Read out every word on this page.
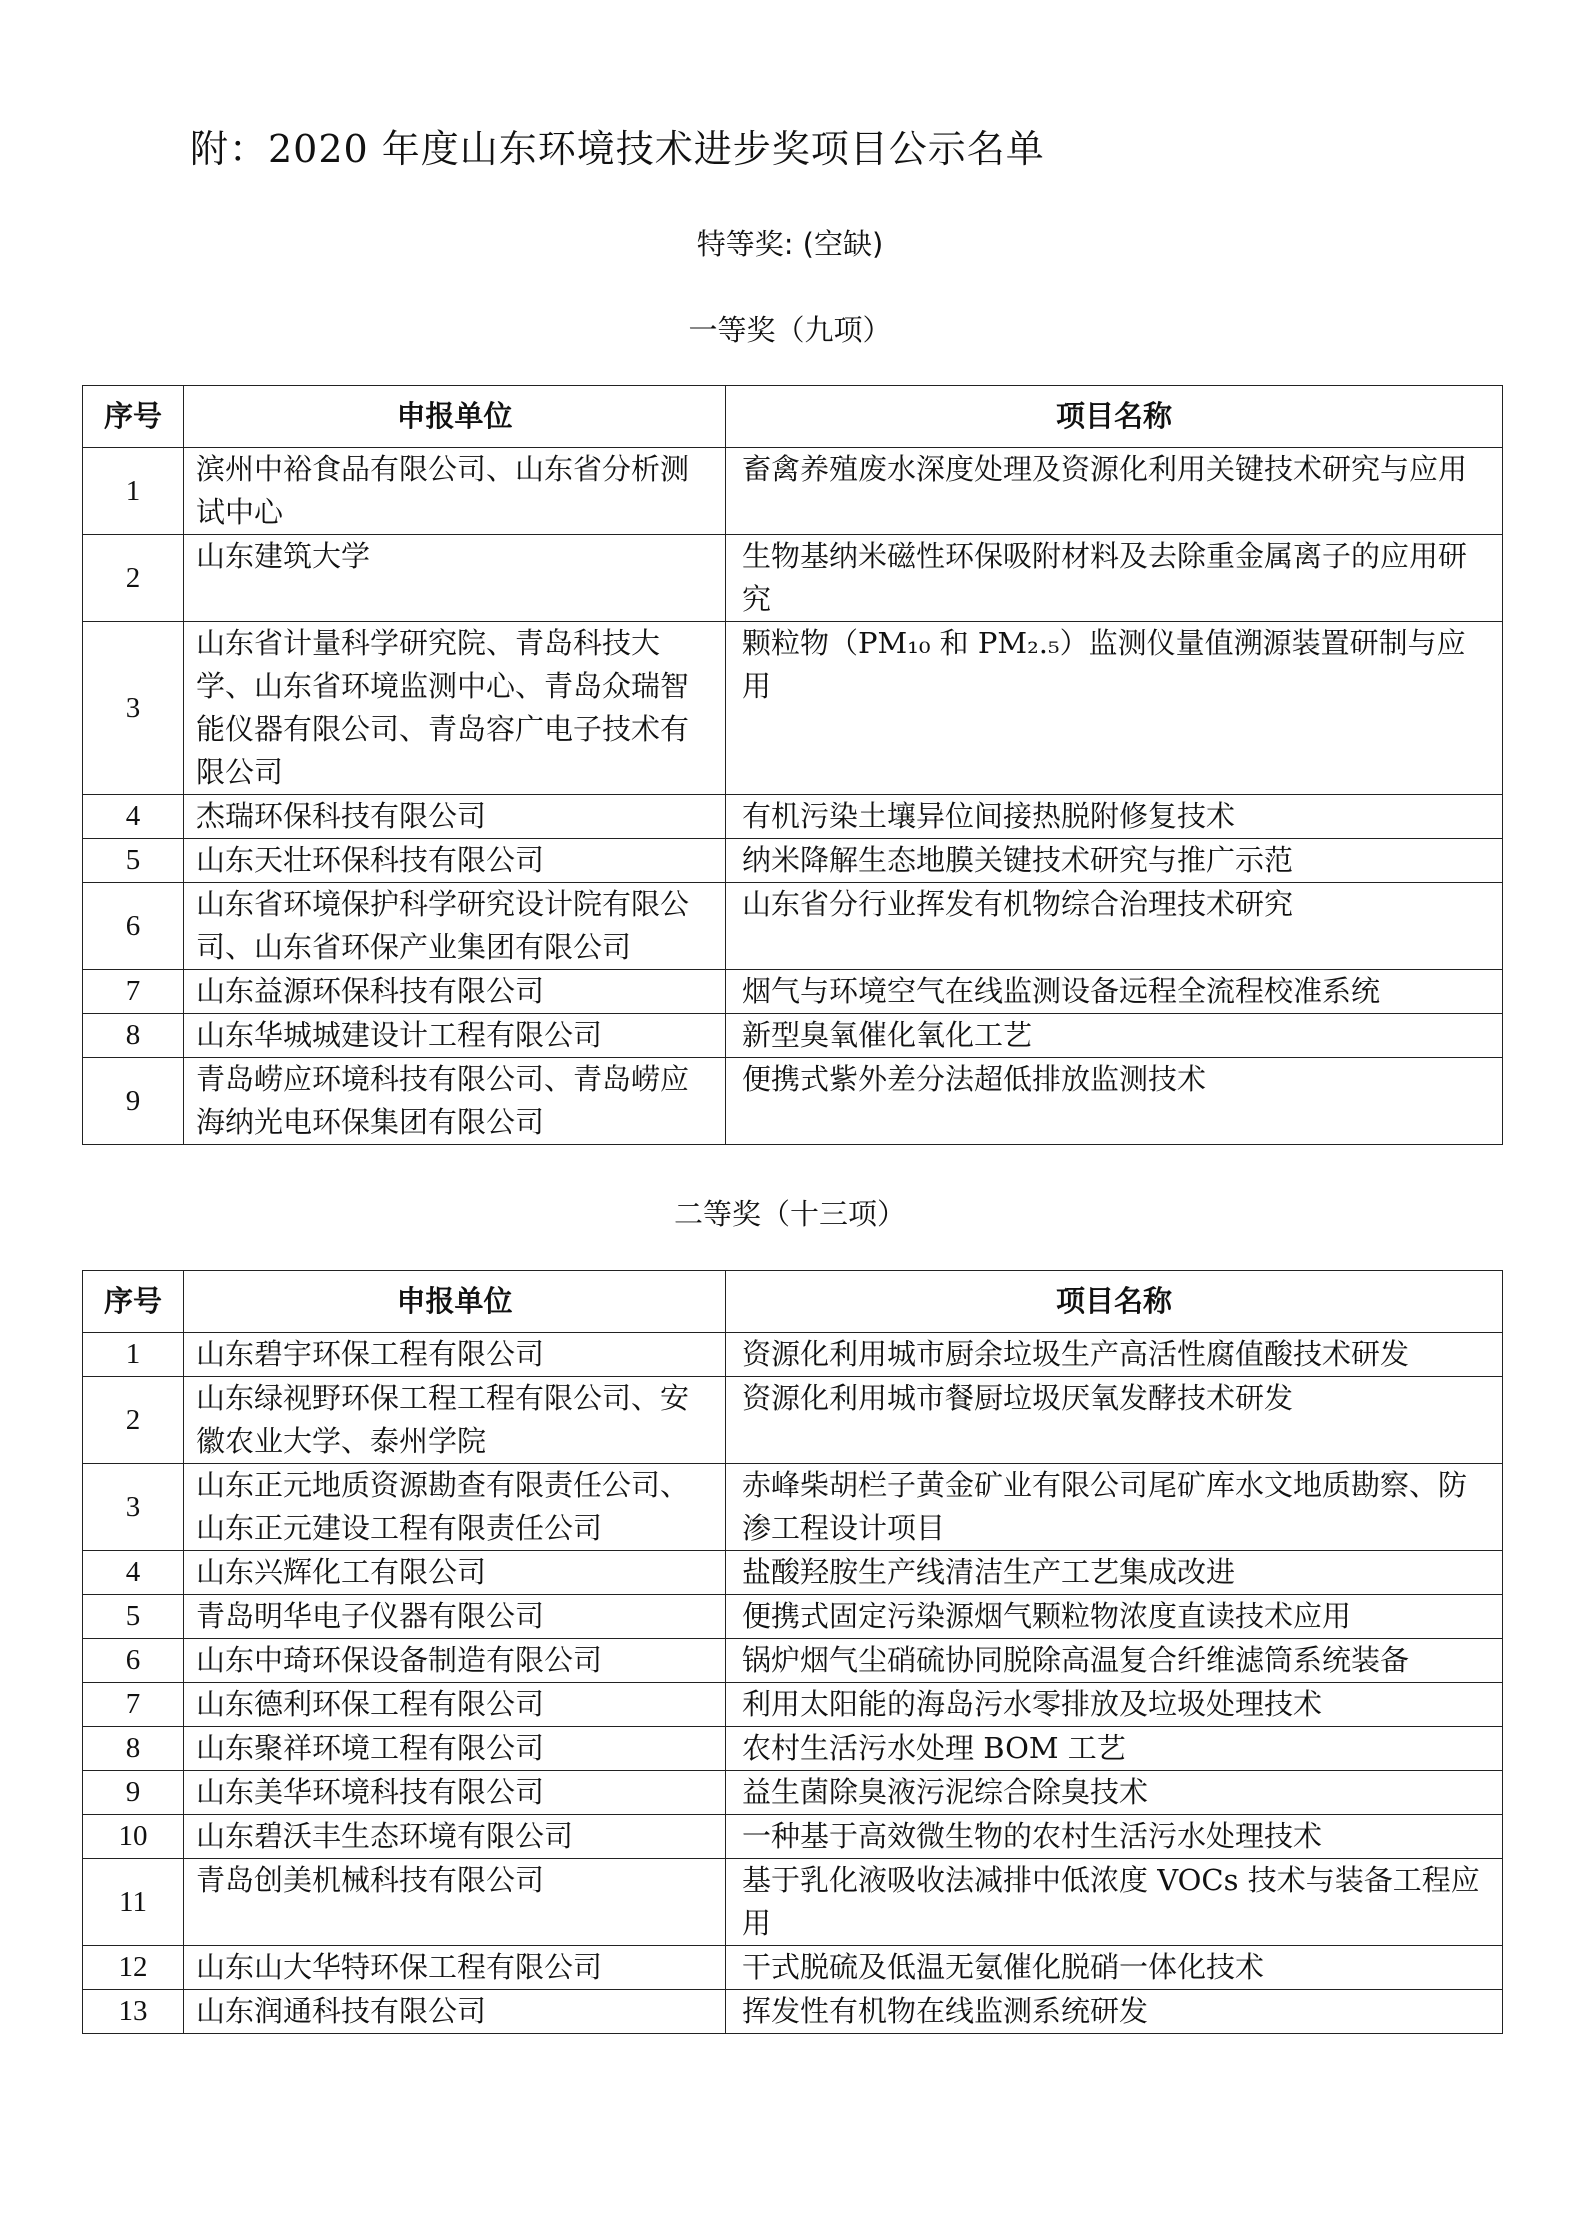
附：2020 年度山东环境技术进步奖项目公示名单
特等奖: (空缺)
一等奖（九项）
序号	申报单位	项目名称
1	滨州中裕食品有限公司、山东省分析测试中心	畜禽养殖废水深度处理及资源化利用关键技术研究与应用
2	山东建筑大学	生物基纳米磁性环保吸附材料及去除重金属离子的应用研究
3	山东省计量科学研究院、青岛科技大学、山东省环境监测中心、青岛众瑞智能仪器有限公司、青岛容广电子技术有限公司	颗粒物（PM₁₀ 和 PM₂.₅）监测仪量值溯源装置研制与应用
4	杰瑞环保科技有限公司	有机污染土壤异位间接热脱附修复技术
5	山东天壮环保科技有限公司	纳米降解生态地膜关键技术研究与推广示范
6	山东省环境保护科学研究设计院有限公司、山东省环保产业集团有限公司	山东省分行业挥发有机物综合治理技术研究
7	山东益源环保科技有限公司	烟气与环境空气在线监测设备远程全流程校准系统
8	山东华城城建设计工程有限公司	新型臭氧催化氧化工艺
9	青岛崂应环境科技有限公司、青岛崂应海纳光电环保集团有限公司	便携式紫外差分法超低排放监测技术
二等奖（十三项）
序号	申报单位	项目名称
1	山东碧宇环保工程有限公司	资源化利用城市厨余垃圾生产高活性腐值酸技术研发
2	山东绿视野环保工程工程有限公司、安徽农业大学、泰州学院	资源化利用城市餐厨垃圾厌氧发酵技术研发
3	山东正元地质资源勘查有限责任公司、山东正元建设工程有限责任公司	赤峰柴胡栏子黄金矿业有限公司尾矿库水文地质勘察、防渗工程设计项目
4	山东兴辉化工有限公司	盐酸羟胺生产线清洁生产工艺集成改进
5	青岛明华电子仪器有限公司	便携式固定污染源烟气颗粒物浓度直读技术应用
6	山东中琦环保设备制造有限公司	锅炉烟气尘硝硫协同脱除高温复合纤维滤筒系统装备
7	山东德利环保工程有限公司	利用太阳能的海岛污水零排放及垃圾处理技术
8	山东聚祥环境工程有限公司	农村生活污水处理 BOM 工艺
9	山东美华环境科技有限公司	益生菌除臭液污泥综合除臭技术
10	山东碧沃丰生态环境有限公司	一种基于高效微生物的农村生活污水处理技术
11	青岛创美机械科技有限公司	基于乳化液吸收法减排中低浓度 VOCs 技术与装备工程应用
12	山东山大华特环保工程有限公司	干式脱硫及低温无氨催化脱硝一体化技术
13	山东润通科技有限公司	挥发性有机物在线监测系统研发
